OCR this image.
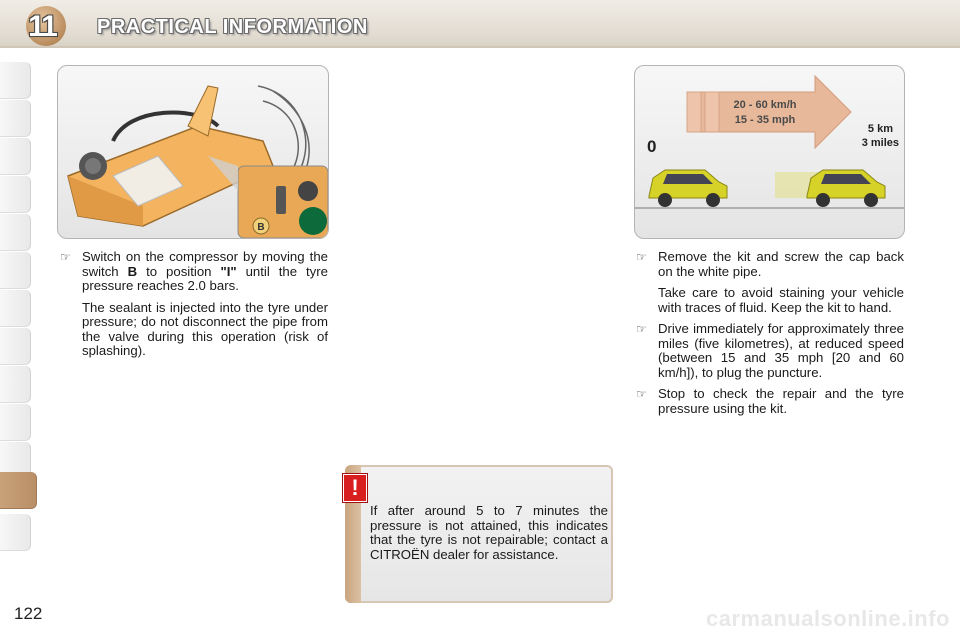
11	PRACTICAL INFORMATION
B
20 - 60 km/h
15 - 35 mph
0
5 km
3 miles

☞ Switch on the compressor by moving the switch B to position "I" until the tyre pressure reaches 2.0 bars.

The sealant is injected into the tyre under pressure; do not disconnect the pipe from the valve during this operation (risk of splashing).

☞ Remove the kit and screw the cap back on the white pipe.

Take care to avoid staining your vehicle with traces of fluid. Keep the kit to hand.

☞ Drive immediately for approximately three miles (five kilometres), at reduced speed (between 15 and 35 mph [20 and 60 km/h]), to plug the puncture.

☞ Stop to check the repair and the tyre pressure using the kit.

!
If after around 5 to 7 minutes the pressure is not attained, this indicates that the tyre is not repairable; contact a CITROËN dealer for assistance.
122	carmanualsonline.info
